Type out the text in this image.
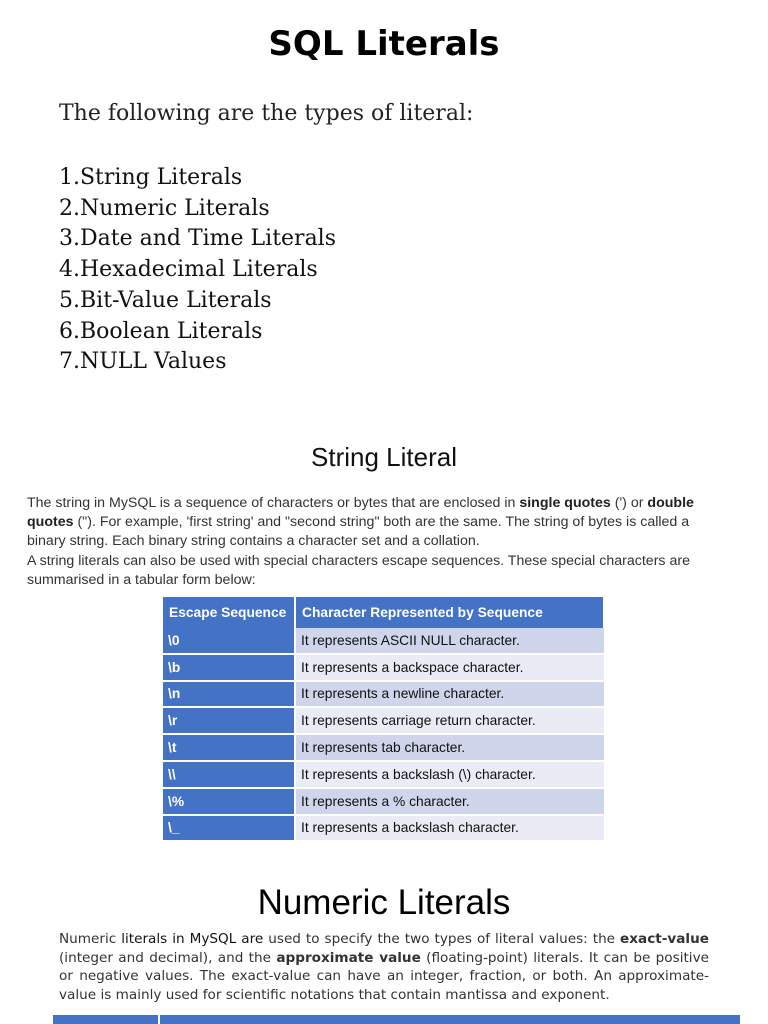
SQL Literals
The following are the types of literal:
1.String Literals
2.Numeric Literals
3.Date and Time Literals
4.Hexadecimal Literals
5.Bit-Value Literals
6.Boolean Literals
7.NULL Values
String Literal

The string in MySQL is a sequence of characters or bytes that are enclosed in single quotes (') or double quotes ("). For example, 'first string' and "second string" both are the same. The string of bytes is called a binary string. Each binary string contains a character set and a collation.

A string literals can also be used with special characters escape sequences. These special characters are summarised in a tabular form below:

Escape Sequence	Character Represented by Sequence
\0	It represents ASCII NULL character.
\b	It represents a backspace character.
\n	It represents a newline character.
\r	It represents carriage return character.
\t	It represents tab character.
\\	It represents a backslash (\) character.
\%	It represents a % character.
\_	It represents a backslash character.
Numeric Literals

Numeric literals in MySQL are used to specify the two types of literal values: the exact-value (integer and decimal), and the approximate value (floating-point) literals. It can be positive or negative values. The exact-value can have an integer, fraction, or both. An approximate-value is mainly used for scientific notations that contain mantissa and exponent.
